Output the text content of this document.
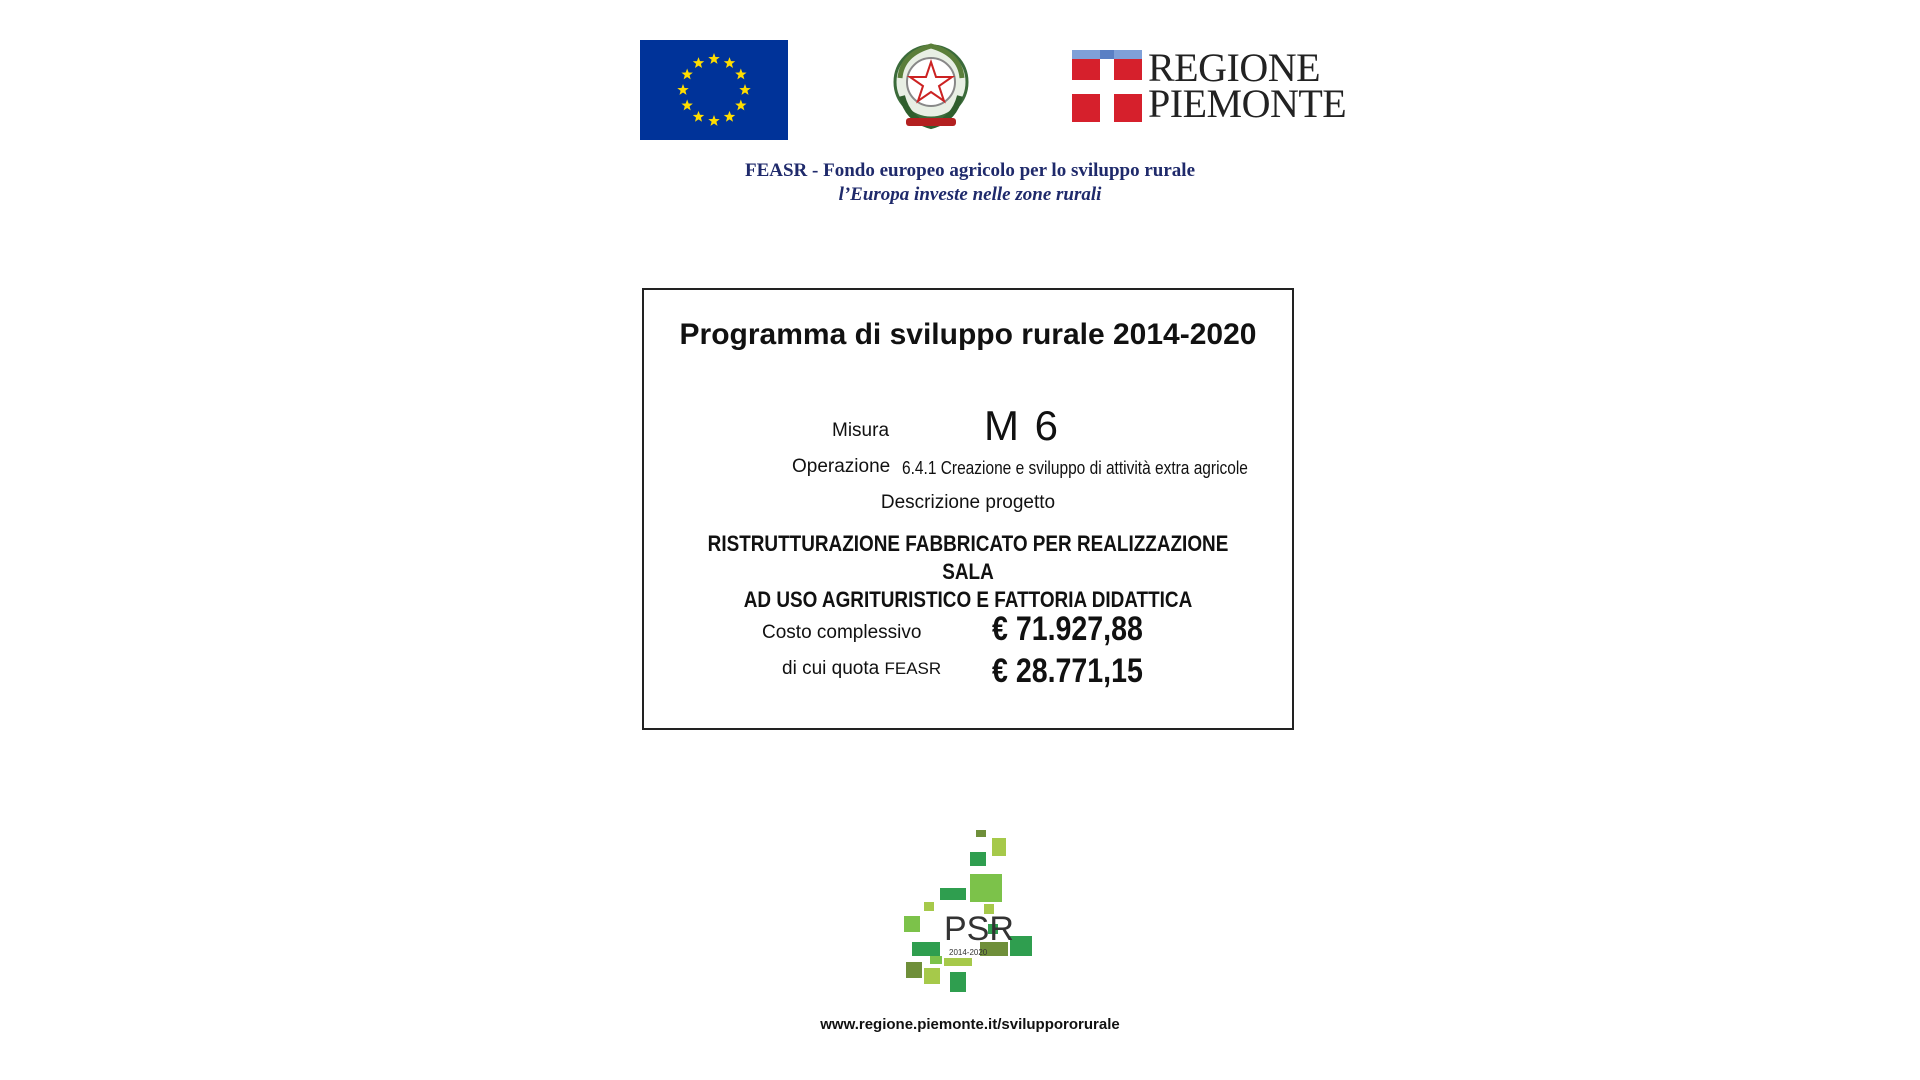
REGIONE
PIEMONTE
FEASR - Fondo europeo agricolo per lo sviluppo rurale
l’Europa investe nelle zone rurali
Programma di sviluppo rurale 2014-2020
Misura M 6
Operazione 6.4.1 Creazione e sviluppo di attività extra agricole
Descrizione progetto
RISTRUTTURAZIONE FABBRICATO PER REALIZZAZIONE SALA
AD USO AGRITURISTICO E FATTORIA DIDATTICA
Costo complessivo € 71.927,88
di cui quota FEASR € 28.771,15
PSR
2014-2020
www.regione.piemonte.it/sviluppororurale
